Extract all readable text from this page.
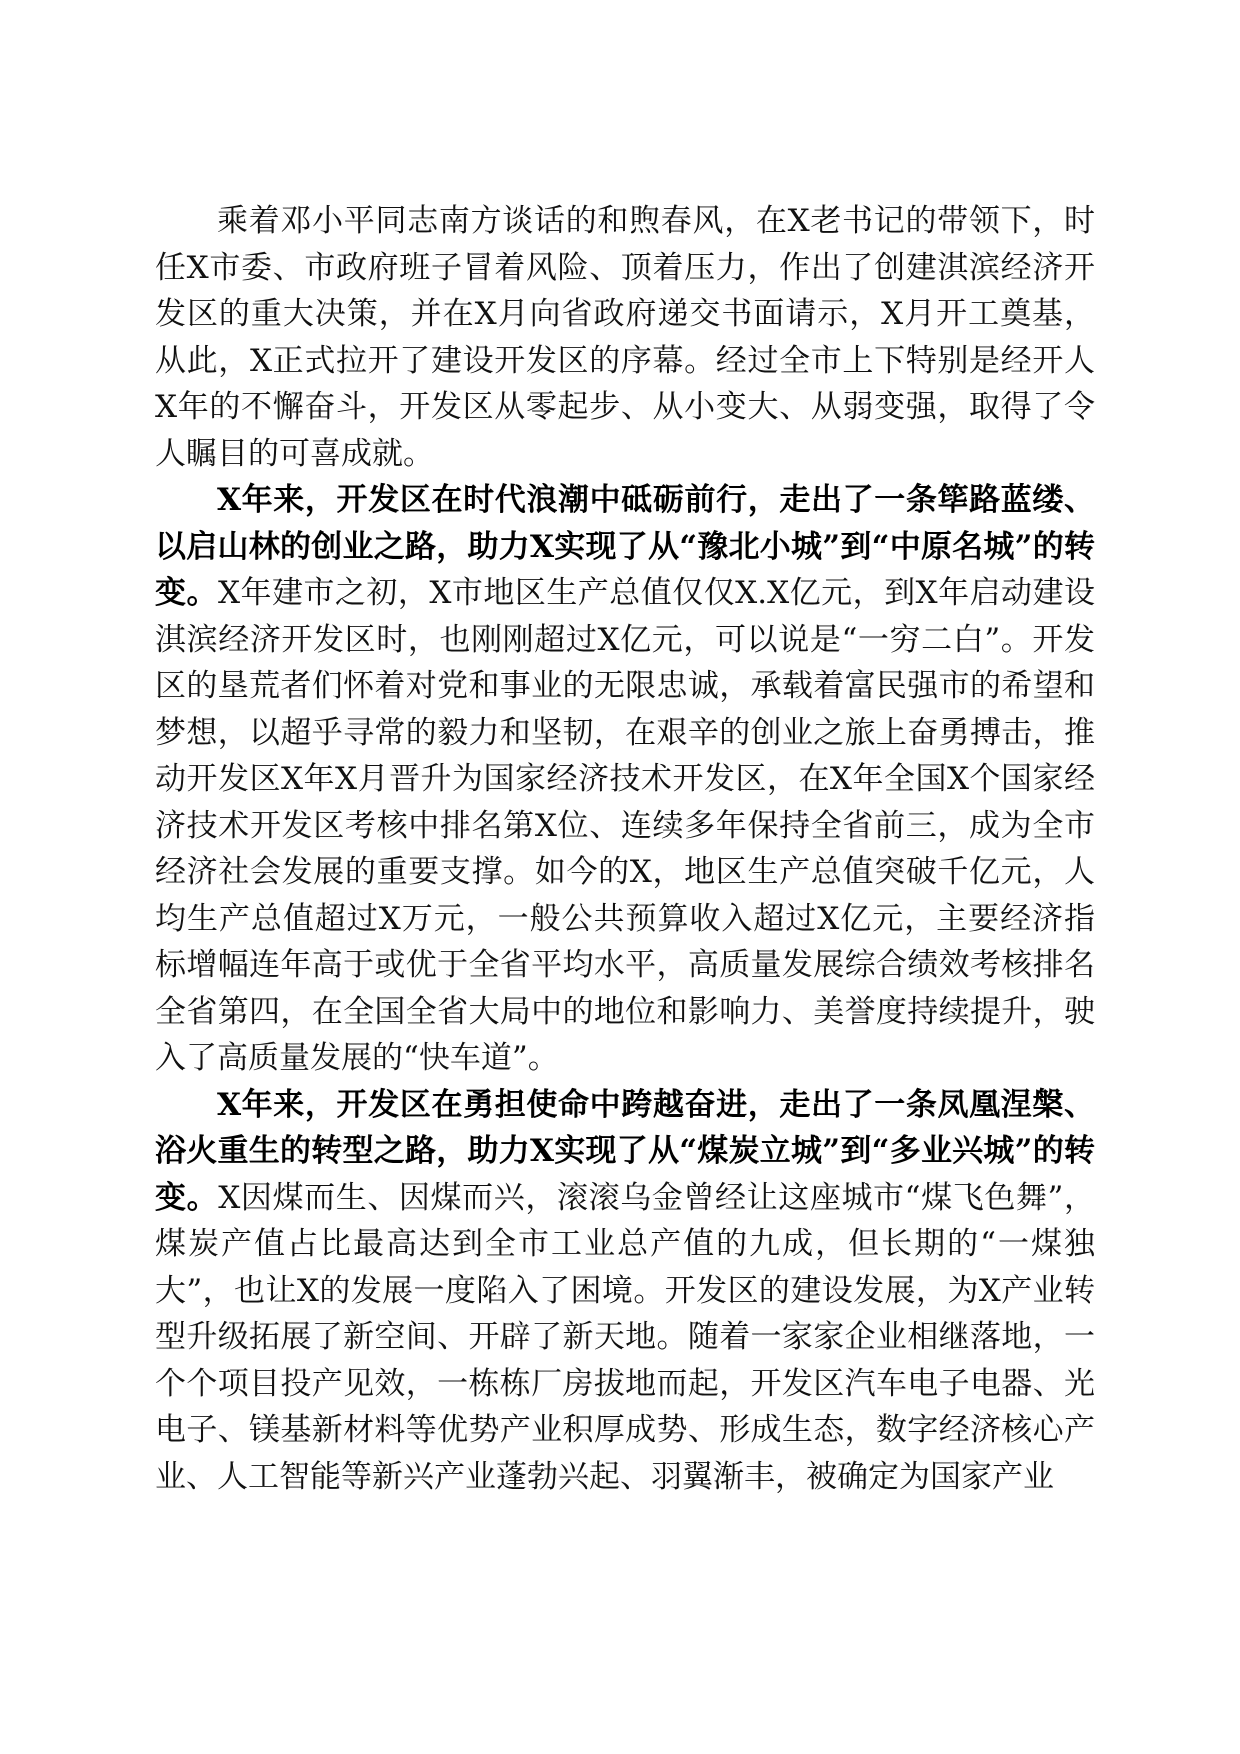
乘着邓小平同志南方谈话的和煦春风，在X老书记的带领下，时任X市委、市政府班子冒着风险、顶着压力，作出了创建淇滨经济开发区的重大决策，并在X月向省政府递交书面请示，X月开工奠基，从此，X正式拉开了建设开发区的序幕。经过全市上下特别是经开人X年的不懈奋斗，开发区从零起步、从小变大、从弱变强，取得了令人瞩目的可喜成就。

X年来，开发区在时代浪潮中砥砺前行，走出了一条筚路蓝缕、以启山林的创业之路，助力X实现了从“豫北小城”到“中原名城”的转变。X年建市之初，X市地区生产总值仅仅X.X亿元，到X年启动建设淇滨经济开发区时，也刚刚超过X亿元，可以说是“一穷二白”。开发区的垦荒者们怀着对党和事业的无限忠诚，承载着富民强市的希望和梦想，以超乎寻常的毅力和坚韧，在艰辛的创业之旅上奋勇搏击，推动开发区X年X月晋升为国家经济技术开发区，在X年全国X个国家经济技术开发区考核中排名第X位、连续多年保持全省前三，成为全市经济社会发展的重要支撑。如今的X，地区生产总值突破千亿元，人均生产总值超过X万元，一般公共预算收入超过X亿元，主要经济指标增幅连年高于或优于全省平均水平，高质量发展综合绩效考核排名全省第四，在全国全省大局中的地位和影响力、美誉度持续提升，驶入了高质量发展的“快车道”。

X年来，开发区在勇担使命中跨越奋进，走出了一条凤凰涅槃、浴火重生的转型之路，助力X实现了从“煤炭立城”到“多业兴城”的转变。X因煤而生、因煤而兴，滚滚乌金曾经让这座城市“煤飞色舞”，煤炭产值占比最高达到全市工业总产值的九成，但长期的“一煤独大”，也让X的发展一度陷入了困境。开发区的建设发展，为X产业转型升级拓展了新空间、开辟了新天地。随着一家家企业相继落地，一个个项目投产见效，一栋栋厂房拔地而起，开发区汽车电子电器、光电子、镁基新材料等优势产业积厚成势、形成生态，数字经济核心产业、人工智能等新兴产业蓬勃兴起、羽翼渐丰，被确定为国家产业
